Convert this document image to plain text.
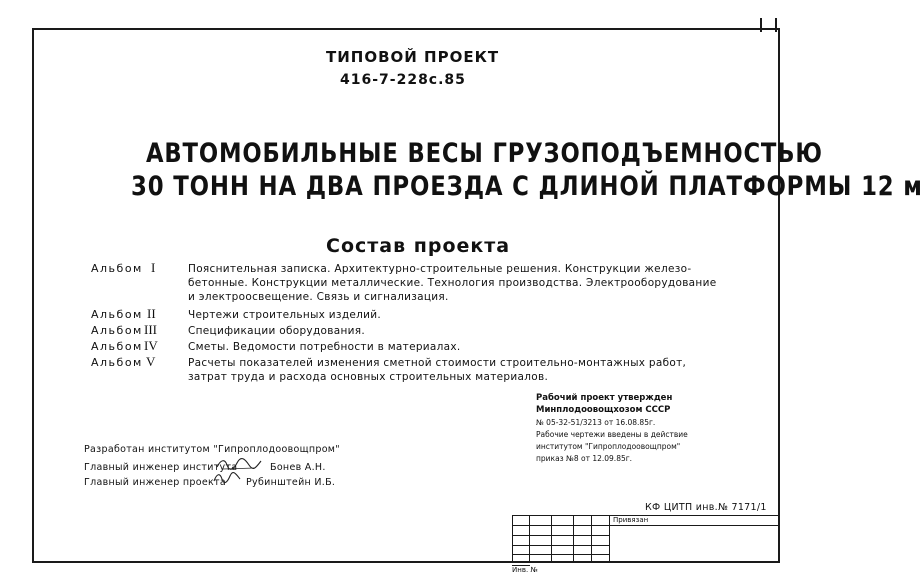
ТИПОВОЙ ПРОЕКТ
416-7-228с.85
АВТОМОБИЛЬНЫЕ ВЕСЫ ГРУЗОПОДЪЕМНОСТЬЮ
30 ТОНН НА ДВА ПРОЕЗДА С ДЛИНОЙ ПЛАТФОРМЫ 12 м
Состав проекта
Альбом I	Пояснительная записка. Архитектурно-строительные решения. Конструкции железо-
бетонные. Конструкции металлические. Технология производства. Электрооборудование
и электроосвещение. Связь и сигнализация.
Альбом II	Чертежи строительных изделий.
Альбом III	Спецификации оборудования.
Альбом IV	Сметы. Ведомости потребности в материалах.
Альбом V	Расчеты показателей изменения сметной стоимости строительно-монтажных работ,
затрат труда и расхода основных строительных материалов.
Рабочий проект утвержден
Минплодоовощхозом СССР
№ 05-32-51/3213 от 16.08.85г.
Рабочие чертежи введены в действие
институтом "Гипроплодоовощпром"
приказ №8 от 12.09.85г.
Разработан институтом "Гипроплодоовощпром"
Главный инженер института	Бонев А.Н.
Главный инженер проекта Рубинштейн И.Б.
КФ ЦИТП инв.№ 7171/1
Привязан
Инв. №
